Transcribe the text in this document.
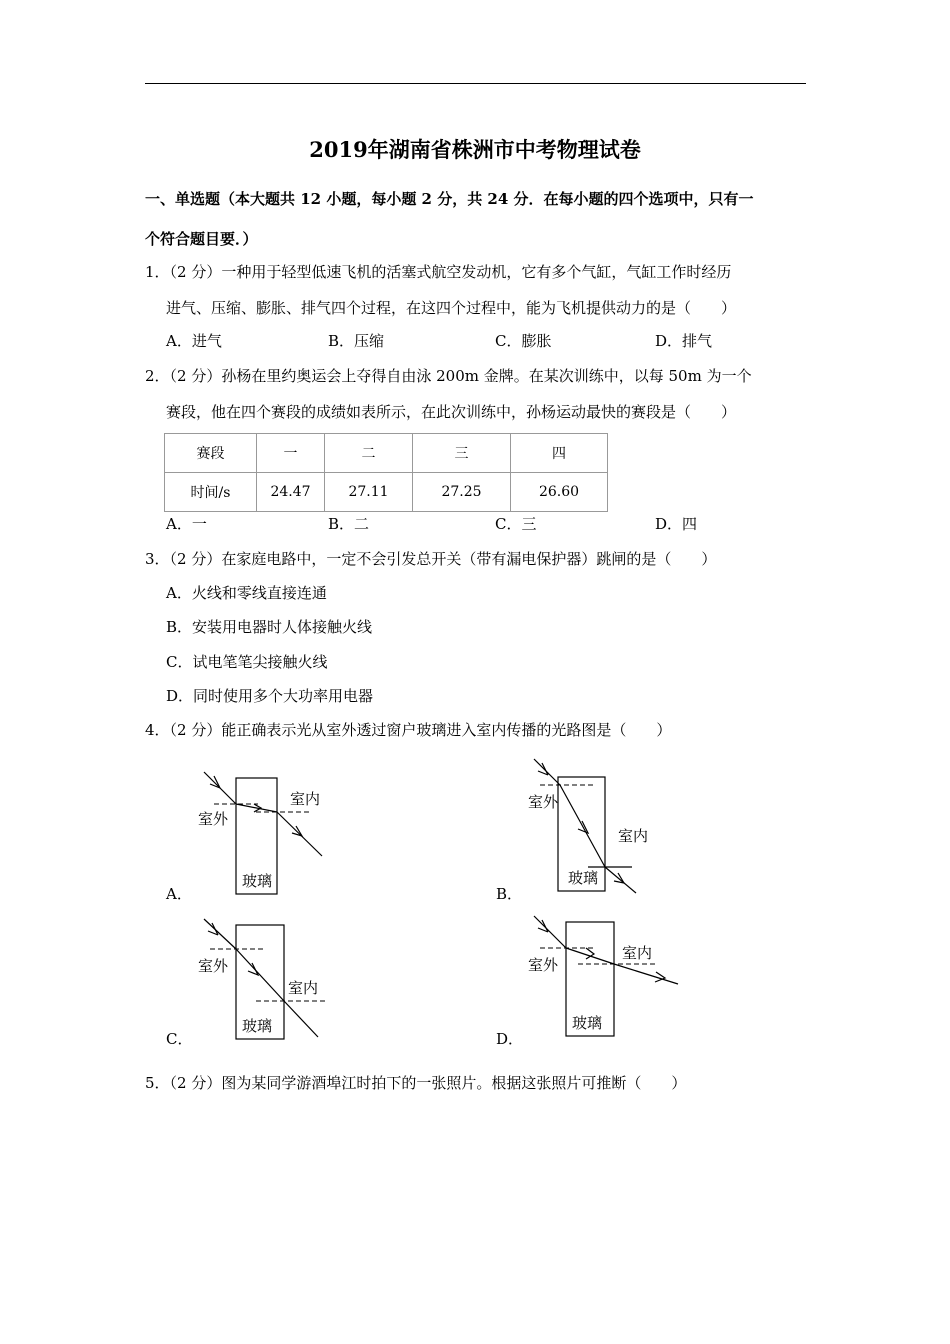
2019年湖南省株洲市中考物理试卷
一、单选题（本大题共 12 小题，每小题 2 分，共 24 分．在每小题的四个选项中，只有一
个符合题目要．）
1．（2 分）一种用于轻型低速飞机的活塞式航空发动机，它有多个气缸，气缸工作时经历
进气、压缩、膨胀、排气四个过程，在这四个过程中，能为飞机提供动力的是（　　）
A．进气	B．压缩	C．膨胀	D．排气
2．（2 分）孙杨在里约奥运会上夺得自由泳 200m 金牌。在某次训练中，以每 50m 为一个
赛段，他在四个赛段的成绩如表所示，在此次训练中，孙杨运动最快的赛段是（　　）
赛段	一	二	三	四
时间/s	24.47	27.11	27.25	26.60
A．一	B．二	C．三	D．四
3．（2 分）在家庭电路中，一定不会引发总开关（带有漏电保护器）跳闸的是（　　）
A．火线和零线直接连通
B．安装用电器时人体接触火线
C．试电笔笔尖接触火线
D．同时使用多个大功率用电器
4．（2 分）能正确表示光从室外透过窗户玻璃进入室内传播的光路图是（　　）
室内
室外
玻璃
A．
室外
室内
玻璃
B．
室外
室内
玻璃
C．
室外
室内
玻璃
D．
5．（2 分）图为某同学游酒埠江时拍下的一张照片。根据这张照片可推断（　　）
